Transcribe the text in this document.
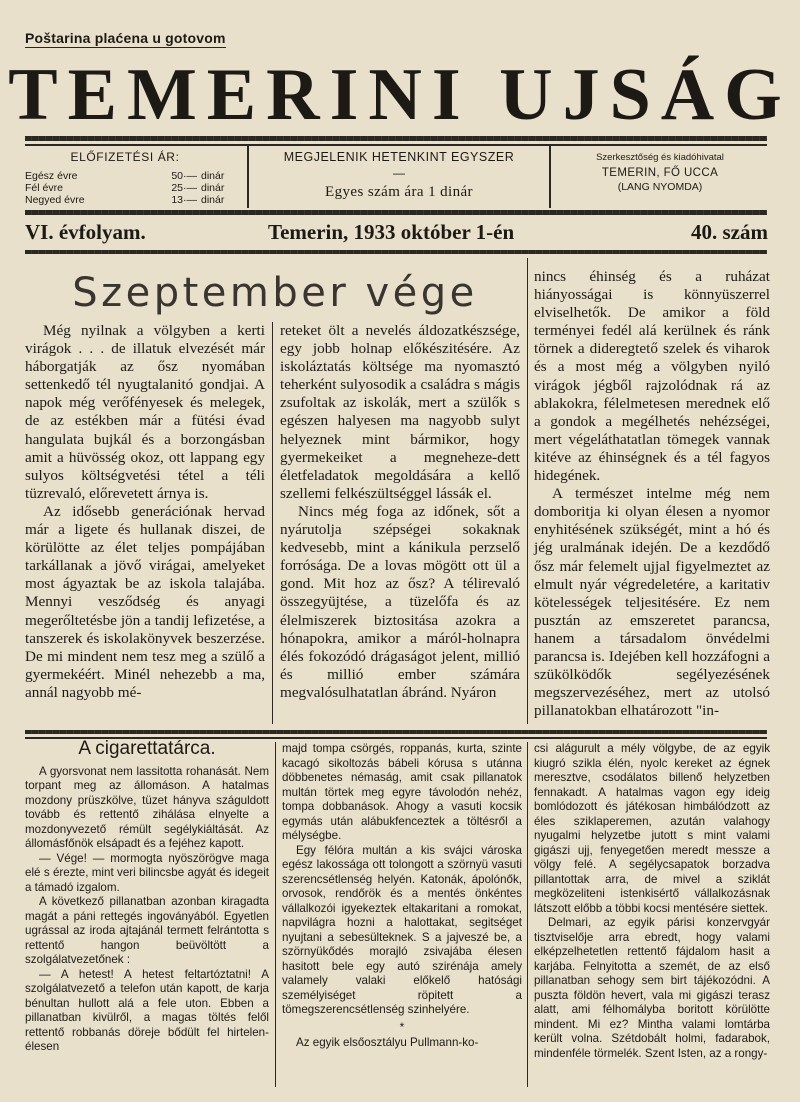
Poštarina plaćena u gotovom
TEMERINI UJSÁG
ELŐFIZETÉSI ÁR:
Egész évre	50·— dinár
Fél évre	25·— dinár
Negyed évre	13·— dinár
MEGJELENIK HETENKINT EGYSZER
—
Egyes szám ára 1 dinár
Szerkesztőség és kiadóhivatal
TEMERIN, FŐ UCCA
(LANG NYOMDA)
VI. évfolyam.	Temerin, 1933 október 1-én	40. szám
Szeptember vége

Még nyilnak a völgyben a kerti virágok . . . de illatuk elvezését már háborgatják az ősz nyomában settenkedő tél nyugtalanitó gondjai. A napok még verőfényesek és melegek, de az estékben már a fütési évad hangulata bujkál és a borzongásban amit a hüvösség okoz, ott lappang egy sulyos költségvetési tétel a téli tüzrevaló, előrevetett árnya is.

Az idősebb generációnak hervad már a ligete és hullanak diszei, de körülötte az élet teljes pompájában tarkállanak a jövő virágai, amelyeket most ágyaztak be az iskola talajába. Mennyi vesződség és anyagi megerőltetésbe jön a tandij lefizetése, a tanszerek és iskolakönyvek beszerzése. De mi mindent nem tesz meg a szülő a gyermekéért. Minél nehezebb a ma, annál nagyobb mé-

reteket ölt a nevelés áldozatkészsége, egy jobb holnap előkészitésére. Az iskoláztatás költsége ma nyomasztó teherként sulyosodik a családra s mágis zsufoltak az iskolák, mert a szülők s egészen halyesen ma nagyobb sulyt helyeznek mint bármikor, hogy gyermekeiket a megneheze-dett életfeladatok megoldására a kellő szellemi felkészültséggel lássák el.

Nincs még foga az időnek, sőt a nyárutolja szépségei sokaknak kedvesebb, mint a kánikula perzselő forrósága. De a lovas mögött ott ül a gond. Mit hoz az ősz? A télirevaló összegyüjtése, a tüzelőfa és az élelmiszerek biztositása azokra a hónapokra, amikor a máról-holnapra élés fokozódó drágaságot jelent, millió és millió ember számára megvalósulhatatlan ábránd. Nyáron

nincs éhinség és a ruházat hiányosságai is könnyüszerrel elviselhetők. De amikor a föld terményei fedél alá kerülnek és ránk törnek a dideregtető szelek és viharok és a most még a völgyben nyiló virágok jégből rajzolódnak rá az ablakokra, félelmetesen merednek elő a gondok a megélhetés nehézségei, mert végeláthatatlan tömegek vannak kitéve az éhinségnek és a tél fagyos hidegének.

A természet intelme még nem domboritja ki olyan élesen a nyomor enyhitésének szükségét, mint a hó és jég uralmának idején. De a kezdődő ősz már felemelt ujjal figyelmeztet az elmult nyár végredeletére, a karitativ kötelességek teljesitésére. Ez nem pusztán az emszeretet parancsa, hanem a társadalom önvédelmi parancsa is. Idejében kell hozzáfogni a szükölködők segélyezésének megszervezéséhez, mert az utolsó pillanatokban elhatározott "in-

A cigarettatárca.

A gyorsvonat nem lassitotta rohanását. Nem torpant meg az állomáson. A hatalmas mozdony prüszkölve, tüzet hányva száguldott tovább és rettentő zihálása elnyelte a mozdonyvezető rémült segélykiáltását. Az állomásfőnök elsápadt és a fejéhez kapott.

— Vége! — mormogta nyöszörögve maga elé s érezte, mint veri bilincsbe agyát és idegeit a támadó izgalom.

A következő pillanatban azonban kiragadta magát a páni rettegés ingoványából. Egyetlen ugrással az iroda ajtajánál termett felrántotta s rettentő hangon beüvöltött a szolgálatvezetőnek :

— A hetest! A hetest feltartóztatni! A szolgálatvezető a telefon után kapott, de karja bénultan hullott alá a fele uton. Ebben a pillanatban kivülről, a magas töltés felől rettentő robbanás döreje bődült fel hirtelen-élesen

majd tompa csörgés, roppanás, kurta, szinte kacagó sikoltozás bábeli kórusa s utánna döbbenetes némaság, amit csak pillanatok multán törtek meg egyre távolodón nehéz, tompa dobbanások. Ahogy a vasuti kocsik egymás után alábukfenceztek a töltésről a mélységbe.

Egy félóra multán a kis svájci városka egész lakossága ott tolongott a szörnyü vasuti szerencsétlenség helyén. Katonák, ápolónők, orvosok, rendőrök és a mentés önkéntes vállalkozói igyekeztek eltakaritani a romokat, napvilágra hozni a halottakat, segitséget nyujtani a sebesülteknek. S a jajveszé be, a szörnyükődés morajló zsivajába élesen hasitott bele egy autó szirénája amely valamely valaki előkelő hatósági személyiséget röpitett a tömegszerencsétlenség szinhelyére.

*

Az egyik elsőosztályu Pullmann-ko-

csi alágurult a mély völgybe, de az egyik kiugró szikla élén, nyolc kereket az égnek meresztve, csodálatos billenő helyzetben fennakadt. A hatalmas vagon egy ideig bomlódozott és játékosan himbálódzott az éles sziklaperemen, azután valahogy nyugalmi helyzetbe jutott s mint valami gigászi ujj, fenyegetően meredt messze a völgy felé. A segélycsapatok borzadva pillantottak arra, de mivel a sziklát megközeliteni istenkisértő vállalkozásnak látszott előbb a többi kocsi mentésére siettek.

Delmari, az egyik párisi konzervgyár tisztviselője arra ebredt, hogy valami elképzelhetetlen rettentő fájdalom hasit a karjába. Felnyitotta a szemét, de az első pillanatban sehogy sem birt tájékozódni. A puszta földön hevert, vala mi gigászi terasz alatt, ami félhomályba boritott körülötte mindent. Mi ez? Mintha valami lomtárba került volna. Szétdobált holmi, fadarabok, mindenféle törmelék. Szent Isten, az a rongy-
